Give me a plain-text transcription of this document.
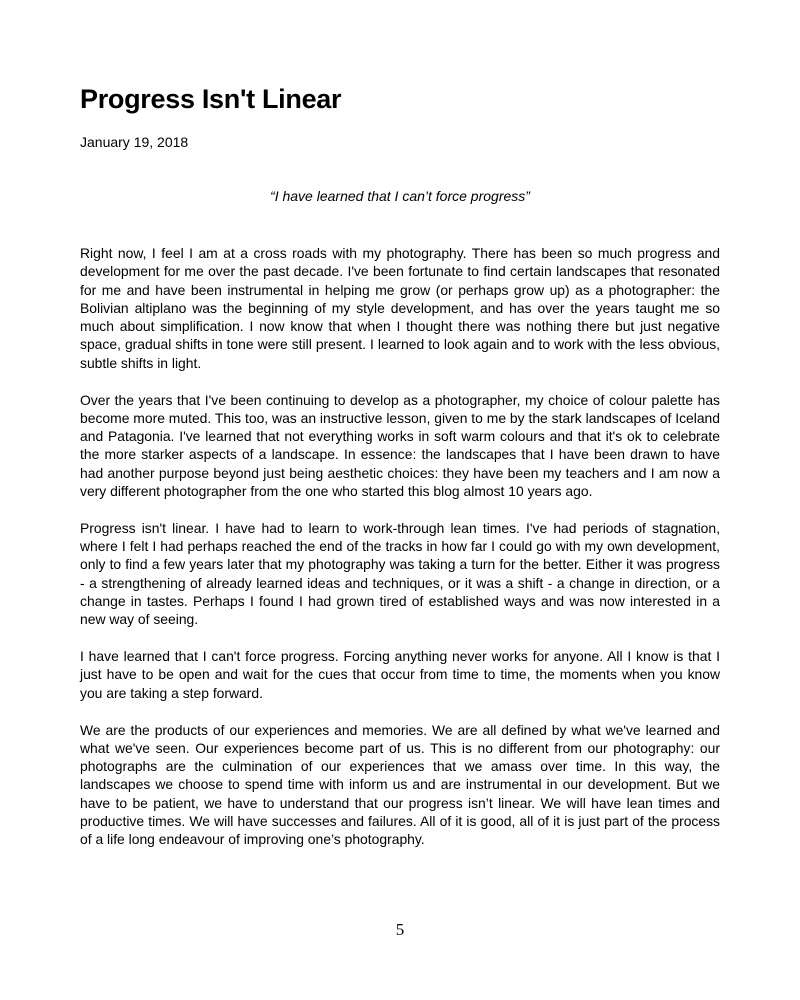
Progress Isn't Linear
January 19, 2018
“I have learned that I can’t force progress”

Right now, I feel I am at a cross roads with my photography. There has been so much progress and development for me over the past decade. I've been fortunate to find certain landscapes that resonated for me and have been instrumental in helping me grow (or perhaps grow up) as a photographer: the Bolivian altiplano was the beginning of my style development, and has over the years taught me so much about simplification. I now know that when I thought there was nothing there but just negative space, gradual shifts in tone were still present. I learned to look again and to work with the less obvious, subtle shifts in light.

Over the years that I've been continuing to develop as a photographer, my choice of colour palette has become more muted. This too, was an instructive lesson, given to me by the stark landscapes of Iceland and Patagonia. I've learned that not everything works in soft warm colours and that it's ok to celebrate the more starker aspects of a landscape. In essence: the landscapes that I have been drawn to have had another purpose beyond just being aesthetic choices: they have been my teachers and I am now a very different photographer from the one who started this blog almost 10 years ago.

Progress isn't linear. I have had to learn to work-through lean times. I've had periods of stagnation, where I felt I had perhaps reached the end of the tracks in how far I could go with my own development, only to find a few years later that my photography was taking a turn for the better. Either it was progress - a strengthening of already learned ideas and techniques, or it was a shift - a change in direction, or a change in tastes. Perhaps I found I had grown tired of established ways and was now interested in a new way of seeing.

I have learned that I can't force progress. Forcing anything never works for anyone. All I know is that I just have to be open and wait for the cues that occur from time to time, the moments when you know you are taking a step forward.

We are the products of our experiences and memories. We are all defined by what we've learned and what we've seen. Our experiences become part of us. This is no different from our photography: our photographs are the culmination of our experiences that we amass over time. In this way, the landscapes we choose to spend time with inform us and are instrumental in our development. But we have to be patient, we have to understand that our progress isn’t linear. We will have lean times and productive times. We will have successes and failures. All of it is good, all of it is just part of the process of a life long endeavour of improving one’s photography.

5
